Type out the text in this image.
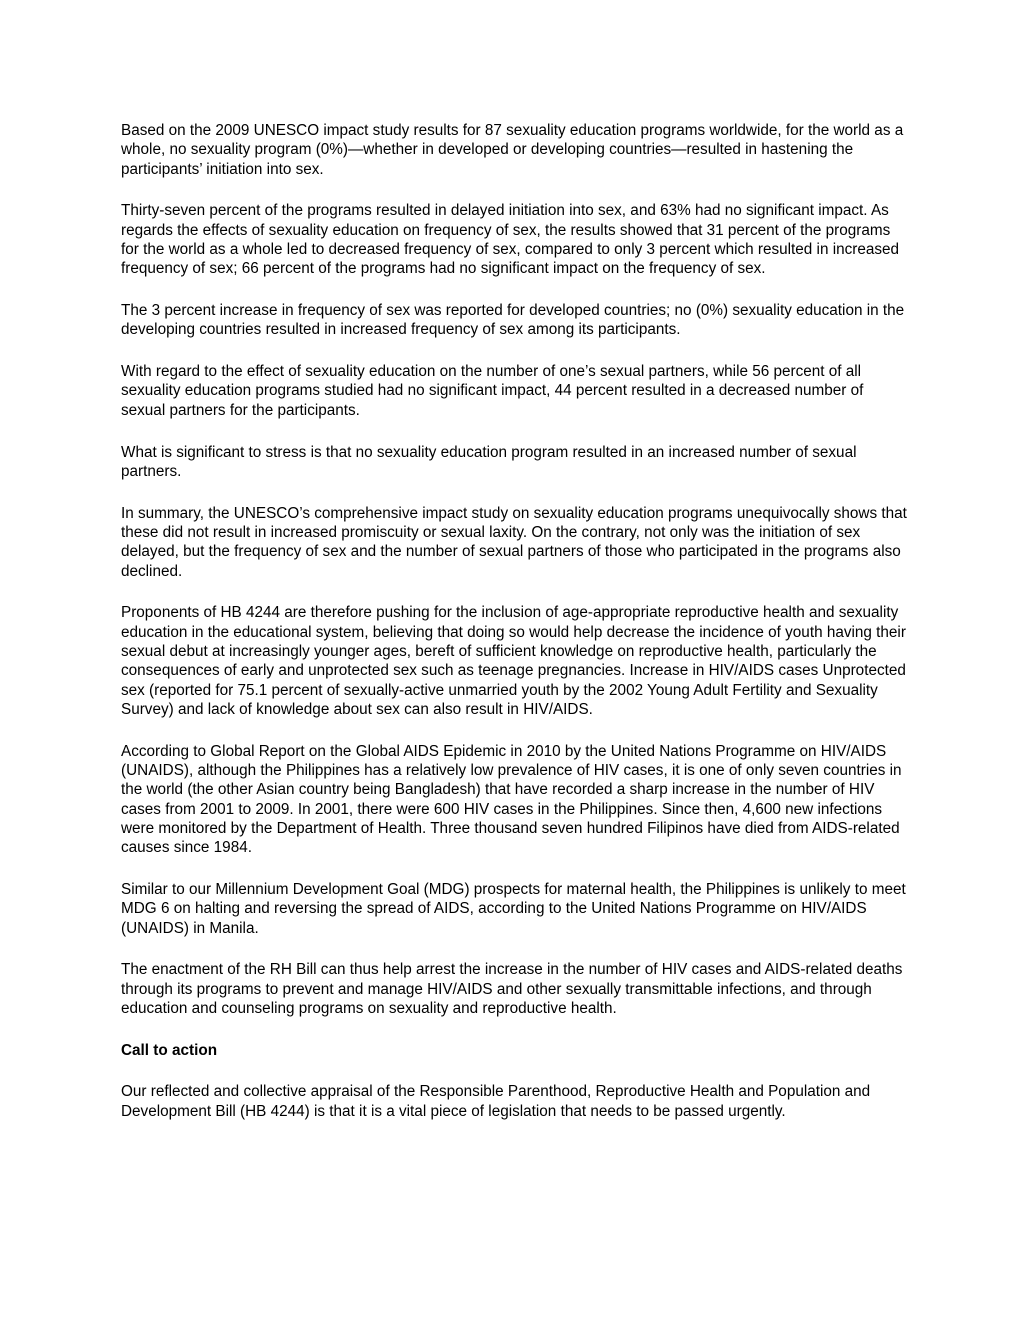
Based on the 2009 UNESCO impact study results for 87 sexuality education programs worldwide, for the world as a whole, no sexuality program (0%)—whether in developed or developing countries—resulted in hastening the participants’ initiation into sex.

Thirty-seven percent of the programs resulted in delayed initiation into sex, and 63% had no significant impact. As regards the effects of sexuality education on frequency of sex, the results showed that 31 percent of the programs for the world as a whole led to decreased frequency of sex, compared to only 3 percent which resulted in increased frequency of sex; 66 percent of the programs had no significant impact on the frequency of sex.

The 3 percent increase in frequency of sex was reported for developed countries; no (0%) sexuality education in the developing countries resulted in increased frequency of sex among its participants.

With regard to the effect of sexuality education on the number of one’s sexual partners, while 56 percent of all sexuality education programs studied had no significant impact, 44 percent resulted in a decreased number of sexual partners for the participants.

What is significant to stress is that no sexuality education program resulted in an increased number of sexual partners.

In summary, the UNESCO’s comprehensive impact study on sexuality education programs unequivocally shows that these did not result in increased promiscuity or sexual laxity. On the contrary, not only was the initiation of sex delayed, but the frequency of sex and the number of sexual partners of those who participated in the programs also declined.

Proponents of HB 4244 are therefore pushing for the inclusion of age-appropriate reproductive health and sexuality education in the educational system, believing that doing so would help decrease the incidence of youth having their sexual debut at increasingly younger ages, bereft of sufficient knowledge on reproductive health, particularly the consequences of early and unprotected sex such as teenage pregnancies. Increase in HIV/AIDS cases Unprotected sex (reported for 75.1 percent of sexually-active unmarried youth by the 2002 Young Adult Fertility and Sexuality Survey) and lack of knowledge about sex can also result in HIV/AIDS.

According to Global Report on the Global AIDS Epidemic in 2010 by the United Nations Programme on HIV/AIDS (UNAIDS), although the Philippines has a relatively low prevalence of HIV cases, it is one of only seven countries in the world (the other Asian country being Bangladesh) that have recorded a sharp increase in the number of HIV cases from 2001 to 2009. In 2001, there were 600 HIV cases in the Philippines. Since then, 4,600 new infections were monitored by the Department of Health. Three thousand seven hundred Filipinos have died from AIDS-related causes since 1984.

Similar to our Millennium Development Goal (MDG) prospects for maternal health, the Philippines is unlikely to meet MDG 6 on halting and reversing the spread of AIDS, according to the United Nations Programme on HIV/AIDS (UNAIDS) in Manila.

The enactment of the RH Bill can thus help arrest the increase in the number of HIV cases and AIDS-related deaths through its programs to prevent and manage HIV/AIDS and other sexually transmittable infections, and through education and counseling programs on sexuality and reproductive health.

Call to action

Our reflected and collective appraisal of the Responsible Parenthood, Reproductive Health and Population and Development Bill (HB 4244) is that it is a vital piece of legislation that needs to be passed urgently.
